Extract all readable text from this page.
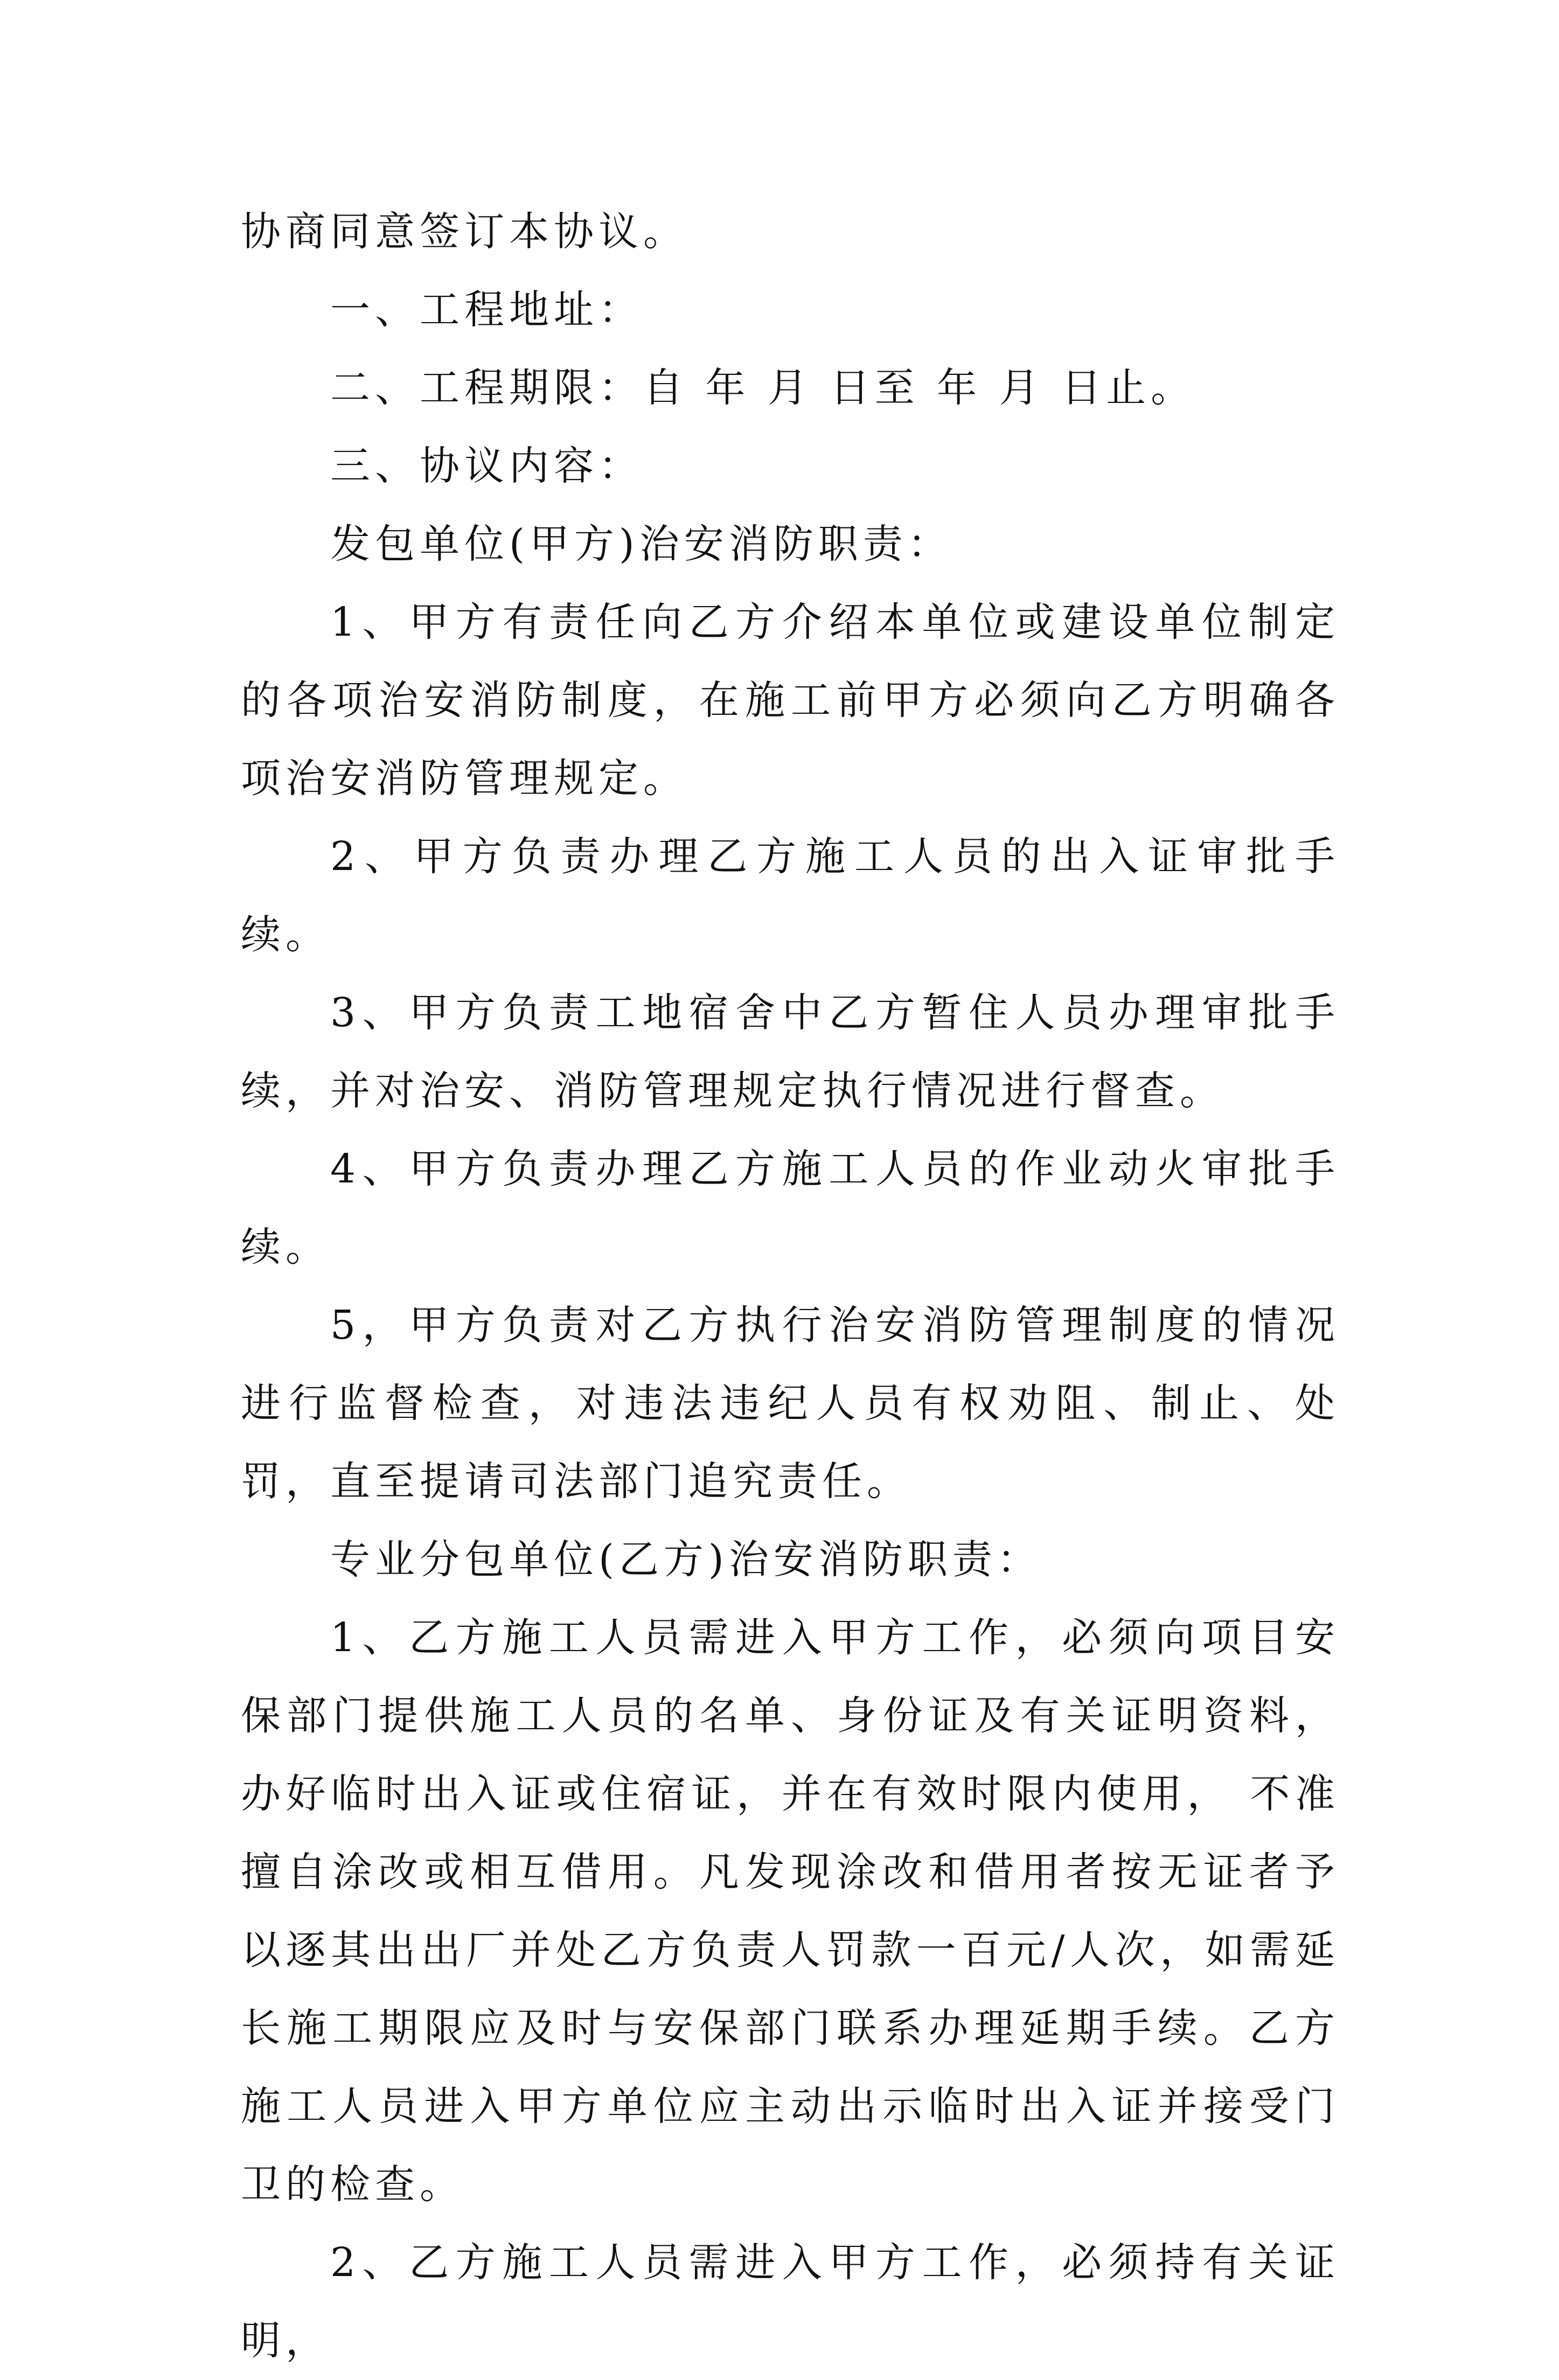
协商同意签订本协议。

一、工程地址：

二、工程期限：自 年 月 日至 年 月 日止。

三、协议内容：

发包单位(甲方)治安消防职责：

1、甲方有责任向乙方介绍本单位或建设单位制定的各项治安消防制度，在施工前甲方必须向乙方明确各项治安消防管理规定。

2、甲方负责办理乙方施工人员的出入证审批手续。

3、甲方负责工地宿舍中乙方暂住人员办理审批手续，并对治安、消防管理规定执行情况进行督查。

4、甲方负责办理乙方施工人员的作业动火审批手续。

5，甲方负责对乙方执行治安消防管理制度的情况进行监督检查，对违法违纪人员有权劝阻、制止、处罚，直至提请司法部门追究责任。

专业分包单位(乙方)治安消防职责：

1、乙方施工人员需进入甲方工作，必须向项目安保部门提供施工人员的名单、身份证及有关证明资料，办好临时出入证或住宿证，并在有效时限内使用， 不准擅自涂改或相互借用。凡发现涂改和借用者按无证者予以逐其出出厂并处乙方负责人罚款一百元/人次，如需延长施工期限应及时与安保部门联系办理延期手续。乙方施工人员进入甲方单位应主动出示临时出入证并接受门卫的检查。

2、乙方施工人员需进入甲方工作，必须持有关证明，
